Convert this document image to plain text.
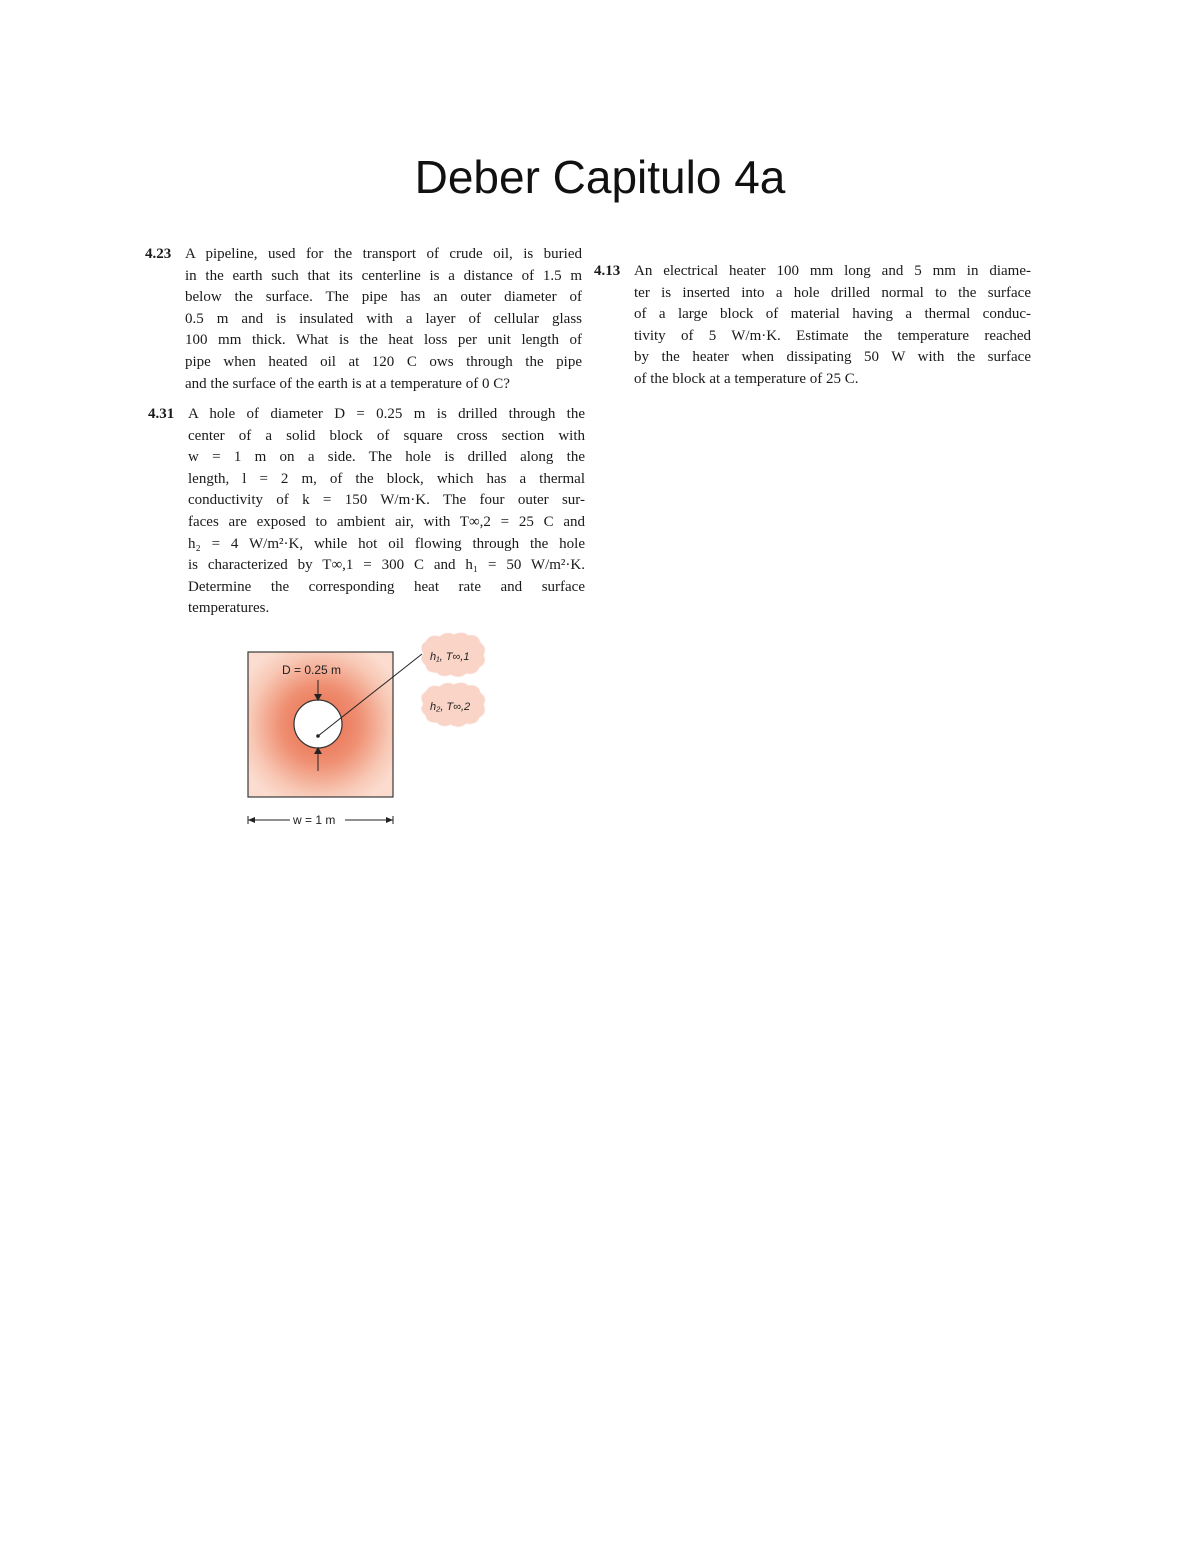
Deber Capitulo 4a
4.23 A pipeline, used for the transport of crude oil, is buried
in the earth such that its centerline is a distance of 1.5 m
below the surface. The pipe has an outer diameter of
0.5 m and is insulated with a layer of cellular glass
100 mm thick. What is the heat loss per unit length of
pipe when heated oil at 120 C ows through the pipe
and the surface of the earth is at a temperature of 0 C?
4.31 A hole of diameter D = 0.25 m is drilled through the
center of a solid block of square cross section with
w = 1 m on a side. The hole is drilled along the
length, l = 2 m, of the block, which has a thermal
conductivity of k = 150 W/m·K. The four outer sur-
faces are exposed to ambient air, with T∞,2 = 25 C and
h₂ = 4 W/m²·K, while hot oil flowing through the hole
is characterized by T∞,1 = 300 C and h₁ = 50 W/m²·K.
Determine the corresponding heat rate and surface
temperatures.
4.13 An electrical heater 100 mm long and 5 mm in diame-
ter is inserted into a hole drilled normal to the surface
of a large block of material having a thermal conduc-
tivity of 5 W/m·K. Estimate the temperature reached
by the heater when dissipating 50 W with the surface
of the block at a temperature of 25 C.
D = 0.25 m
h₁, T∞,1
h₂, T∞,2
w = 1 m
